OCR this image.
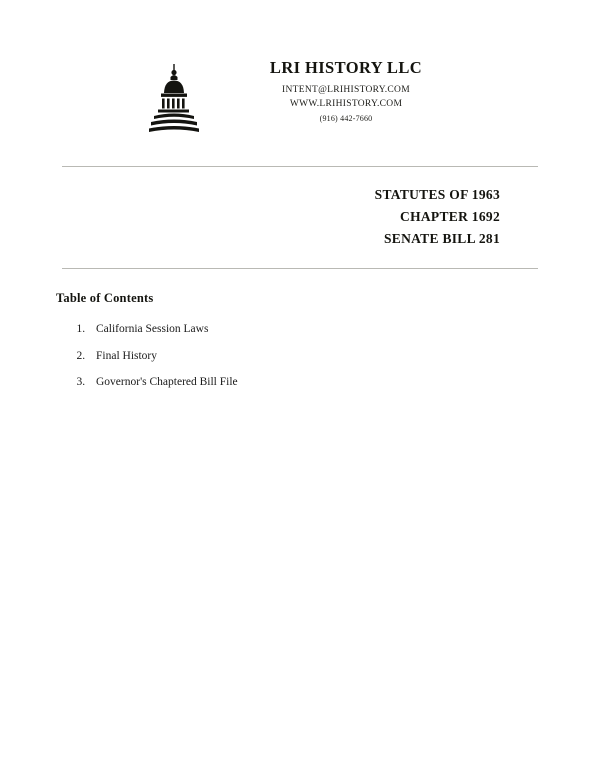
LRI HISTORY LLC
INTENT@LRIHISTORY.COM
WWW.LRIHISTORY.COM
(916) 442-7660
STATUTES OF 1963
CHAPTER 1692
SENATE BILL 281
Table of Contents
1. California Session Laws
2. Final History
3. Governor's Chaptered Bill File
